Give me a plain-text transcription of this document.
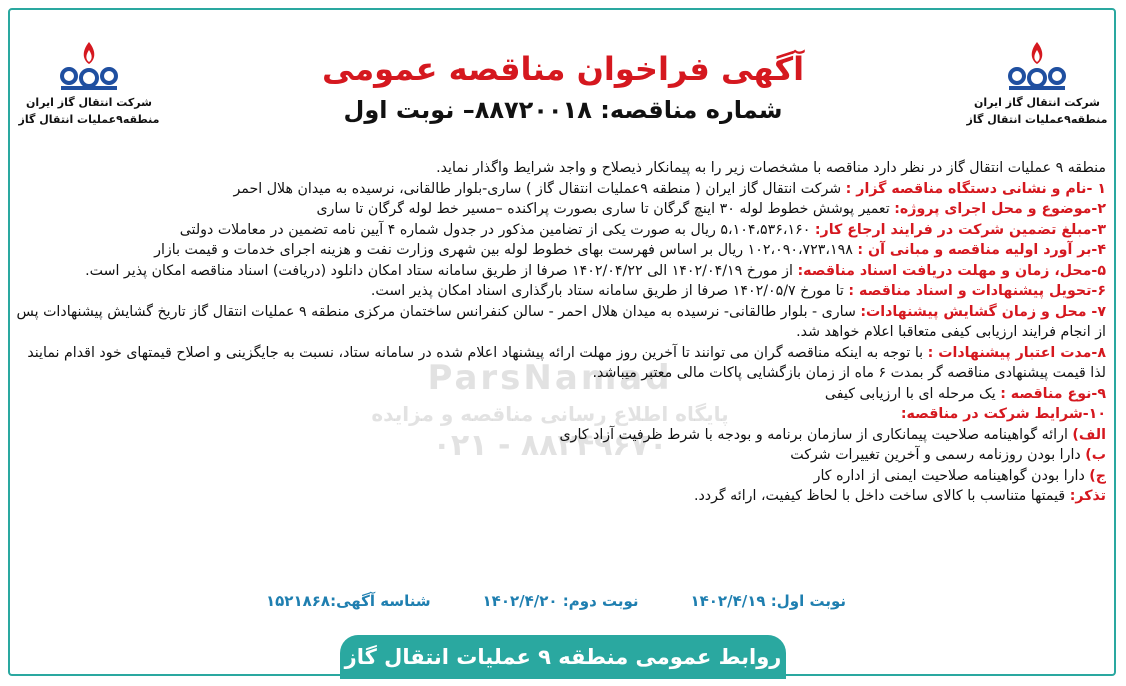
شرکت انتقال گاز ایران
منطقه۹عملیات انتقال گاز
شرکت انتقال گاز ایران
منطقه۹عملیات انتقال گاز
آگهی فراخوان مناقصه عمومی
شماره مناقصه: ۸۸۷۲۰۰۱۸– نوبت اول
ParsNamad
پایگاه اطلاع رسانی مناقصه و مزایده
۰۲۱ - ۸۸۳۴۹۶۷۰

منطقه ۹ عملیات انتقال گاز در نظر دارد مناقصه با مشخصات زیر را به پیمانکار ذیصلاح و واجد شرایط واگذار نماید.

۱ -نام و نشانی دستگاه مناقصه گزار : شرکت انتقال گاز ایران ( منطقه ۹عملیات انتقال گاز ) ساری-بلوار طالقانی، نرسیده به میدان هلال احمر

۲-موضوع و محل اجرای پروژه: تعمیر پوشش خطوط لوله ۳۰ اینچ گرگان تا ساری بصورت پراکنده –مسیر خط لوله گرگان تا ساری

۳-مبلغ تضمین شرکت در فرایند ارجاع کار: ۵،۱۰۴،۵۳۶،۱۶۰ ریال به صورت یکی از تضامین مذکور در جدول شماره ۴ آیین نامه تضمین در معاملات دولتی

۴-بر آورد اولیه مناقصه و مبانی آن : ۱۰۲،۰۹۰،۷۲۳،۱۹۸ ریال بر اساس فهرست بهای خطوط لوله بین شهری وزارت نفت و هزینه اجرای خدمات و قیمت بازار

۵-محل، زمان و مهلت دریافت اسناد مناقصه: از مورخ ۱۴۰۲/۰۴/۱۹ الی ۱۴۰۲/۰۴/۲۲ صرفا از طریق سامانه ستاد امکان دانلود (دریافت) اسناد مناقصه امکان پذیر است.

۶-تحویل پیشنهادات و اسناد مناقصه : تا مورخ ۱۴۰۲/۰۵/۷ صرفا از طریق سامانه ستاد بارگذاری اسناد امکان پذیر است.

۷- محل و زمان گشایش پیشنهادات: ساری - بلوار طالقانی- نرسیده به میدان هلال احمر - سالن کنفرانس ساختمان مرکزی منطقه ۹ عملیات انتقال گاز تاریخ گشایش پیشنهادات پس از انجام فرایند ارزیابی کیفی متعاقبا اعلام خواهد شد.

۸-مدت اعتبار پیشنهادات : با توجه به اینکه مناقصه گران می توانند تا آخرین روز مهلت ارائه پیشنهاد اعلام شده در سامانه ستاد، نسبت به جایگزینی و اصلاح قیمتهای خود اقدام نمایند لذا قیمت پیشنهادی مناقصه گر بمدت ۶ ماه از زمان بازگشایی پاکات مالی معتبر میباشد.

۹-نوع مناقصه : یک مرحله ای با ارزیابی کیفی

۱۰-شرایط شرکت در مناقصه:

الف) ارائه گواهینامه صلاحیت پیمانکاری از سازمان برنامه و بودجه با شرط ظرفیت آزاد کاری

ب) دارا بودن روزنامه رسمی و آخرین تغییرات شرکت

ج) دارا بودن گواهینامه صلاحیت ایمنی از اداره کار

تذکر: قیمتها متناسب با کالای ساخت داخل با لحاظ کیفیت، ارائه گردد.

نوبت اول: ۱۴۰۲/۴/۱۹
نوبت دوم: ۱۴۰۲/۴/۲۰
شناسه آگهی:۱۵۲۱۸۶۸
روابط عمومی منطقه ۹ عملیات انتقال گاز
